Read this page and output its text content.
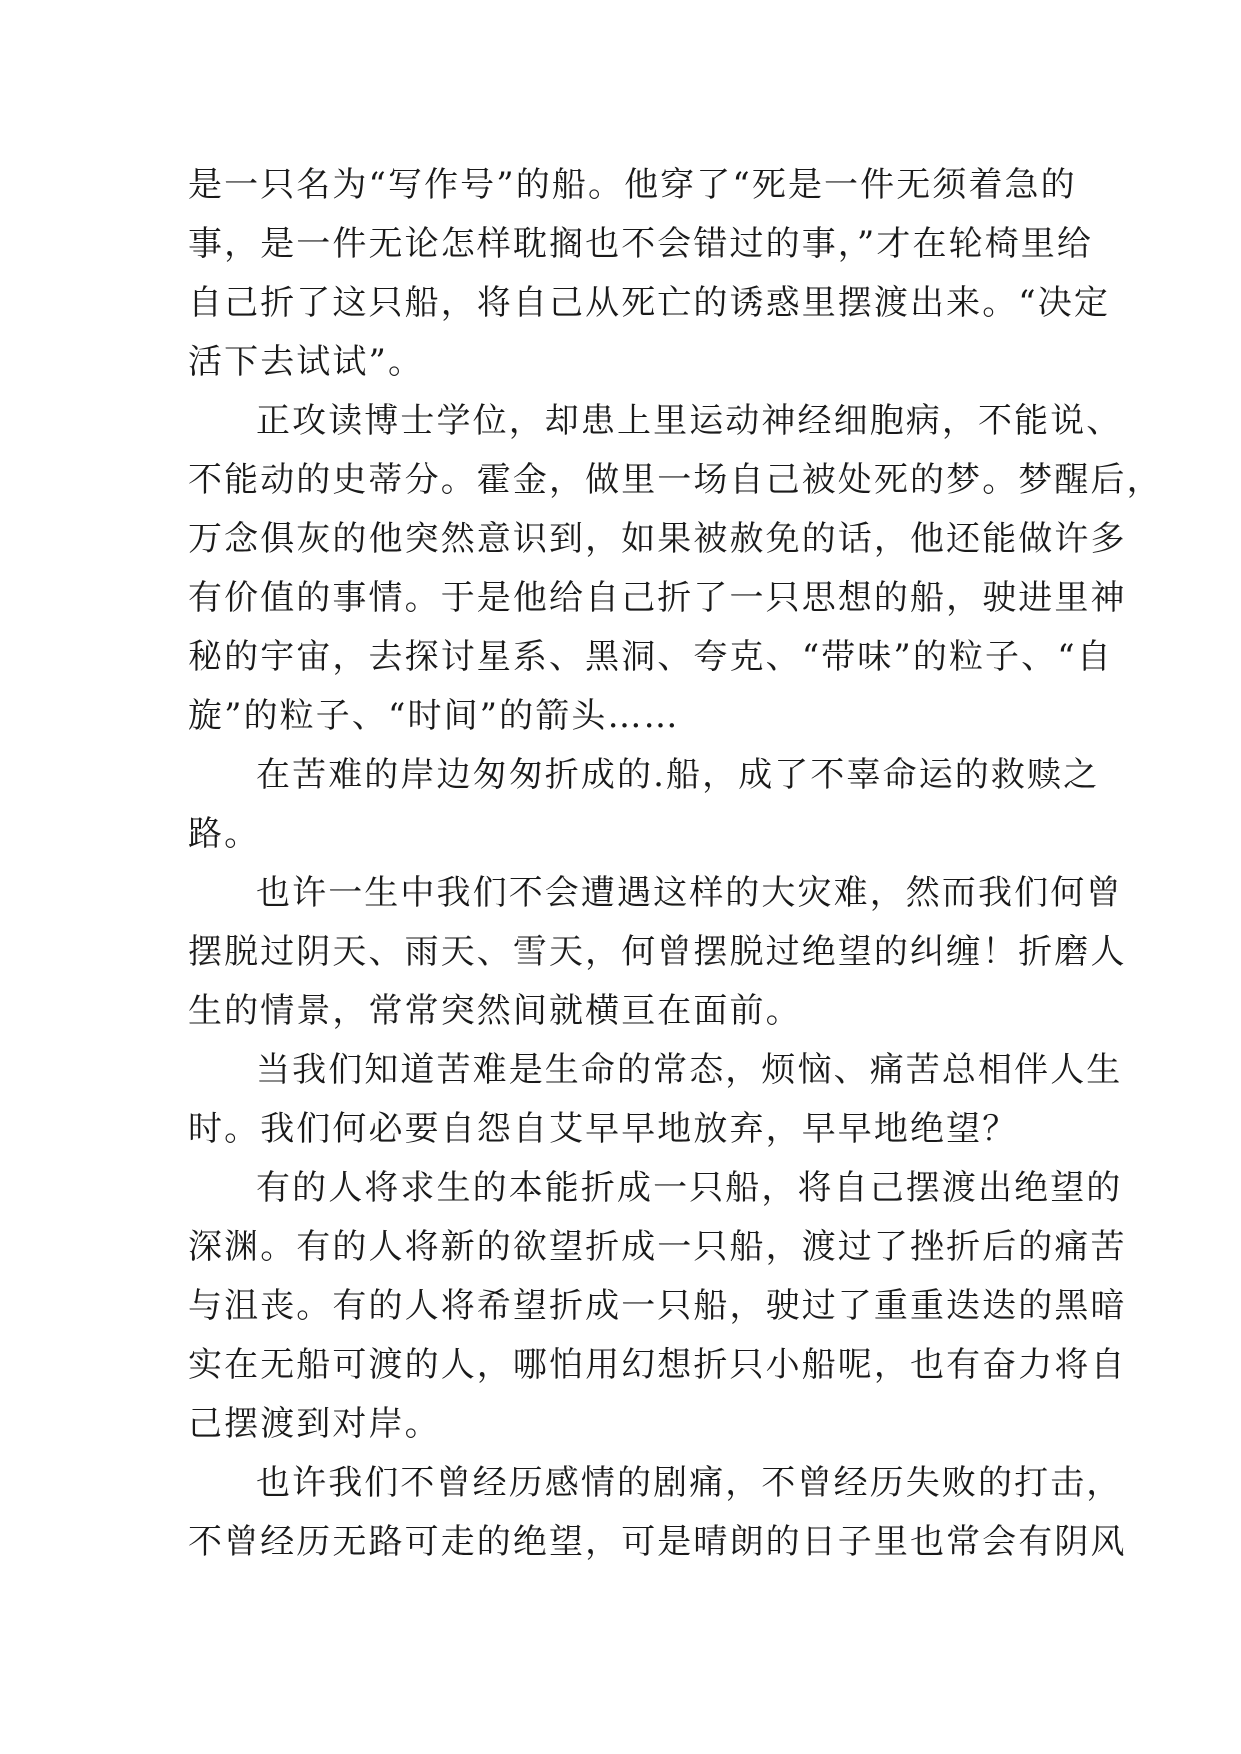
是一只名为“写作号”的船。他穿了“死是一件无须着急的
事，是一件无论怎样耽搁也不会错过的事，”才在轮椅里给
自己折了这只船，将自己从死亡的诱惑里摆渡出来。“决定
活下去试试”。

正攻读博士学位，却患上里运动神经细胞病，不能说、
不能动的史蒂分。霍金，做里一场自己被处死的梦。梦醒后，
万念俱灰的他突然意识到，如果被赦免的话，他还能做许多
有价值的事情。于是他给自己折了一只思想的船，驶进里神
秘的宇宙，去探讨星系、黑洞、夸克、“带味”的粒子、“自
旋”的粒子、“时间”的箭头……

在苦难的岸边匆匆折成的.船，成了不辜命运的救赎之
路。

也许一生中我们不会遭遇这样的大灾难，然而我们何曾
摆脱过阴天、雨天、雪天，何曾摆脱过绝望的纠缠！折磨人
生的情景，常常突然间就横亘在面前。

当我们知道苦难是生命的常态，烦恼、痛苦总相伴人生
时。我们何必要自怨自艾早早地放弃，早早地绝望？

有的人将求生的本能折成一只船，将自己摆渡出绝望的
深渊。有的人将新的欲望折成一只船，渡过了挫折后的痛苦
与沮丧。有的人将希望折成一只船，驶过了重重迭迭的黑暗
实在无船可渡的人，哪怕用幻想折只小船呢，也有奋力将自
己摆渡到对岸。

也许我们不曾经历感情的剧痛，不曾经历失败的打击，
不曾经历无路可走的绝望，可是晴朗的日子里也常会有阴风
